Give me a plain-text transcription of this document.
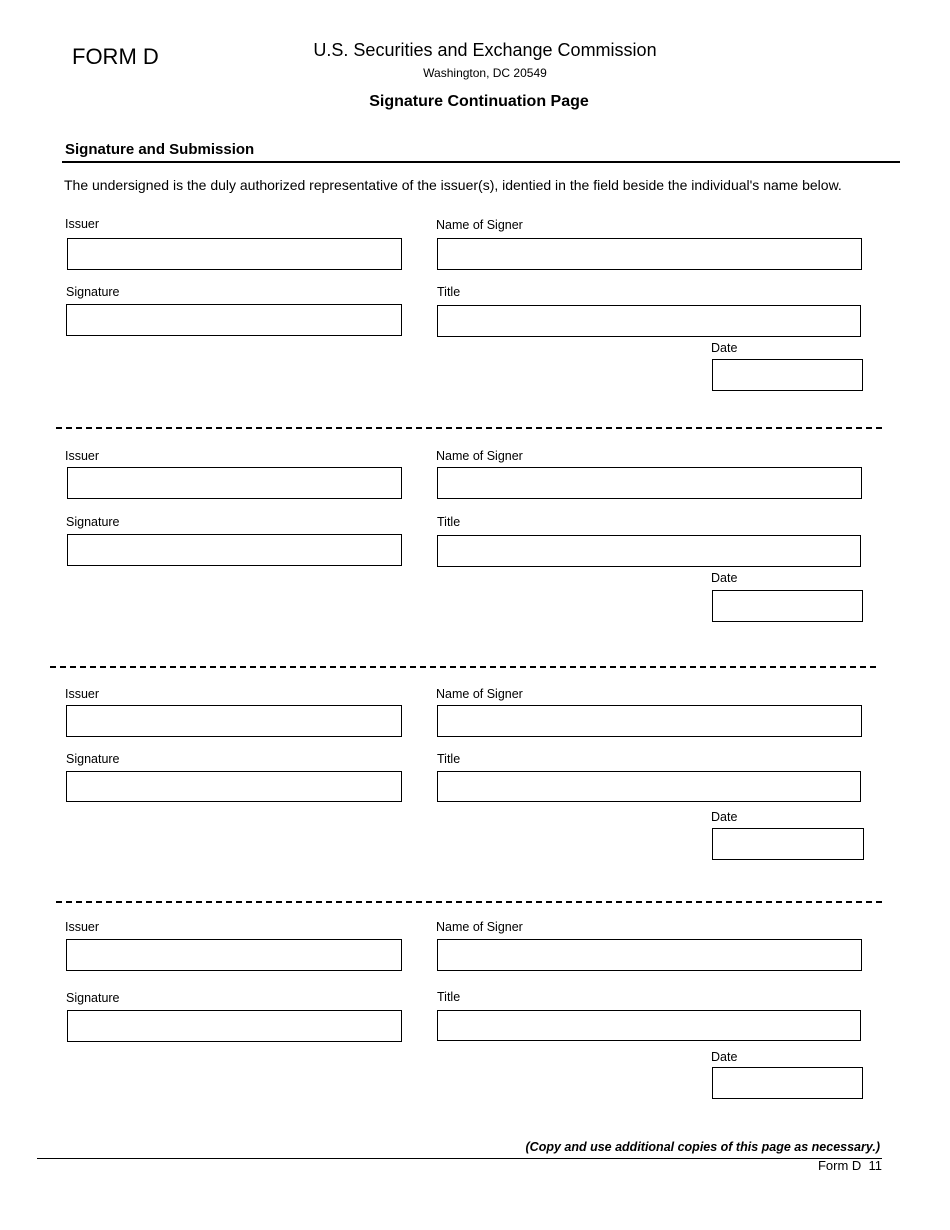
FORM D	U.S. Securities and Exchange Commission
Washington, DC 20549
Signature Continuation Page
Signature and Submission
The undersigned is the duly authorized representative of the issuer(s), identied in the field beside the individual's name below.
Issuer	Name of Signer
Signature	Title
Date
Issuer	Name of Signer
Signature	Title
Date
Issuer	Name of Signer
Signature	Title
Date
Issuer	Name of Signer
Signature	Title
Date
(Copy and use additional copies of this page as necessary.)
Form D  11
